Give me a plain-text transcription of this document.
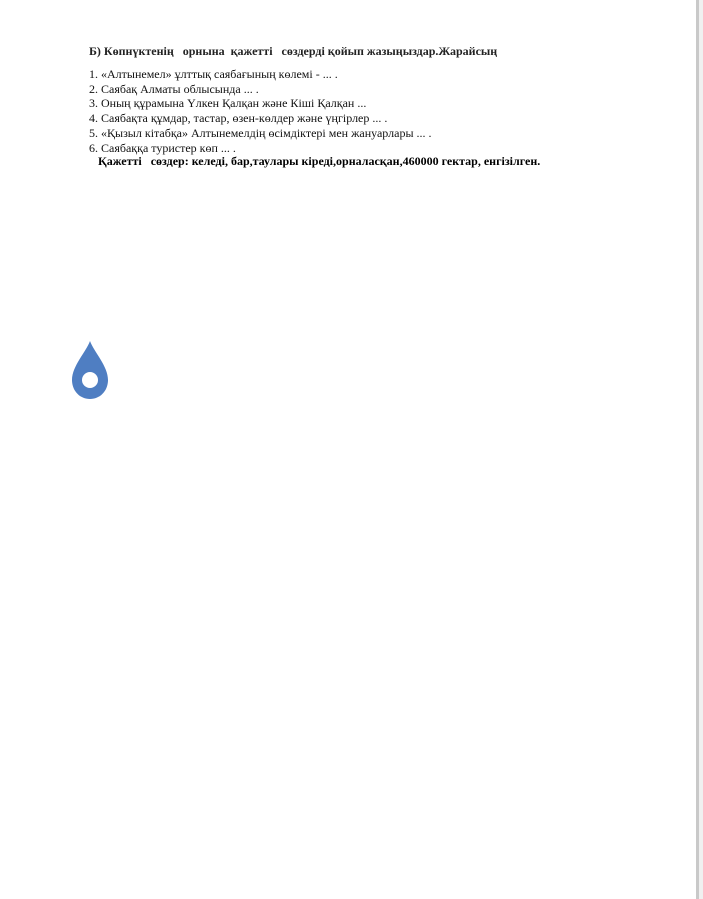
Б) Көпнүктенің   орнына  қажетті   сөздерді қойып жазыңыздар.Жарайсың
1. «Алтынемел» ұлттық саябағының көлемі - ... .
2. Саябақ Алматы облысында ... .
3. Оның құрамына Үлкен Қалқан және Кіші Қалқан ...
4. Саябақта құмдар, тастар, өзен-көлдер және үңгірлер ... .
5. «Қызыл кітабқа» Алтынемелдің өсімдіктері мен жануарлары ... .
6. Саябаққа туристер көп ... .
Қажетті   сөздер: келеді, бар,таулары кіреді,орналасқан,460000 гектар, енгізілген.
